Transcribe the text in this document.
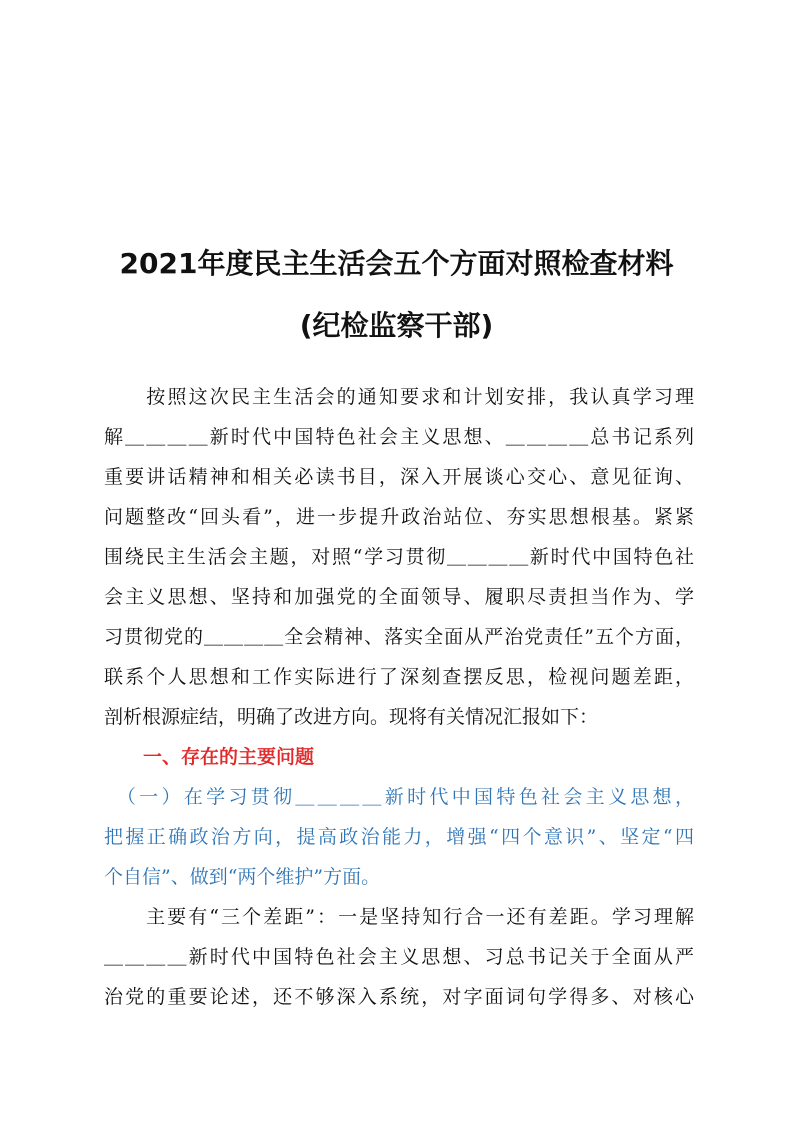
2021年度民主生活会五个方面对照检查材料
(纪检监察干部)
　　按照这次民主生活会的通知要求和计划安排，我认真学习理
解＿＿＿＿新时代中国特色社会主义思想、＿＿＿＿总书记系列
重要讲话精神和相关必读书目，深入开展谈心交心、意见征询、
问题整改“回头看”，进一步提升政治站位、夯实思想根基。紧紧
围绕民主生活会主题，对照“学习贯彻＿＿＿＿新时代中国特色社
会主义思想、坚持和加强党的全面领导、履职尽责担当作为、学
习贯彻党的＿＿＿＿全会精神、落实全面从严治党责任”五个方面，
联系个人思想和工作实际进行了深刻查摆反思，检视问题差距，
剖析根源症结，明确了改进方向。现将有关情况汇报如下：
一、存在的主要问题
　（一）在学习贯彻＿＿＿＿新时代中国特色社会主义思想，
把握正确政治方向，提高政治能力，增强“四个意识”、坚定“四
个自信”、做到“两个维护”方面。
　　主要有“三个差距”：一是坚持知行合一还有差距。学习理解
＿＿＿＿新时代中国特色社会主义思想、习总书记关于全面从严
治党的重要论述，还不够深入系统，对字面词句学得多、对核心
